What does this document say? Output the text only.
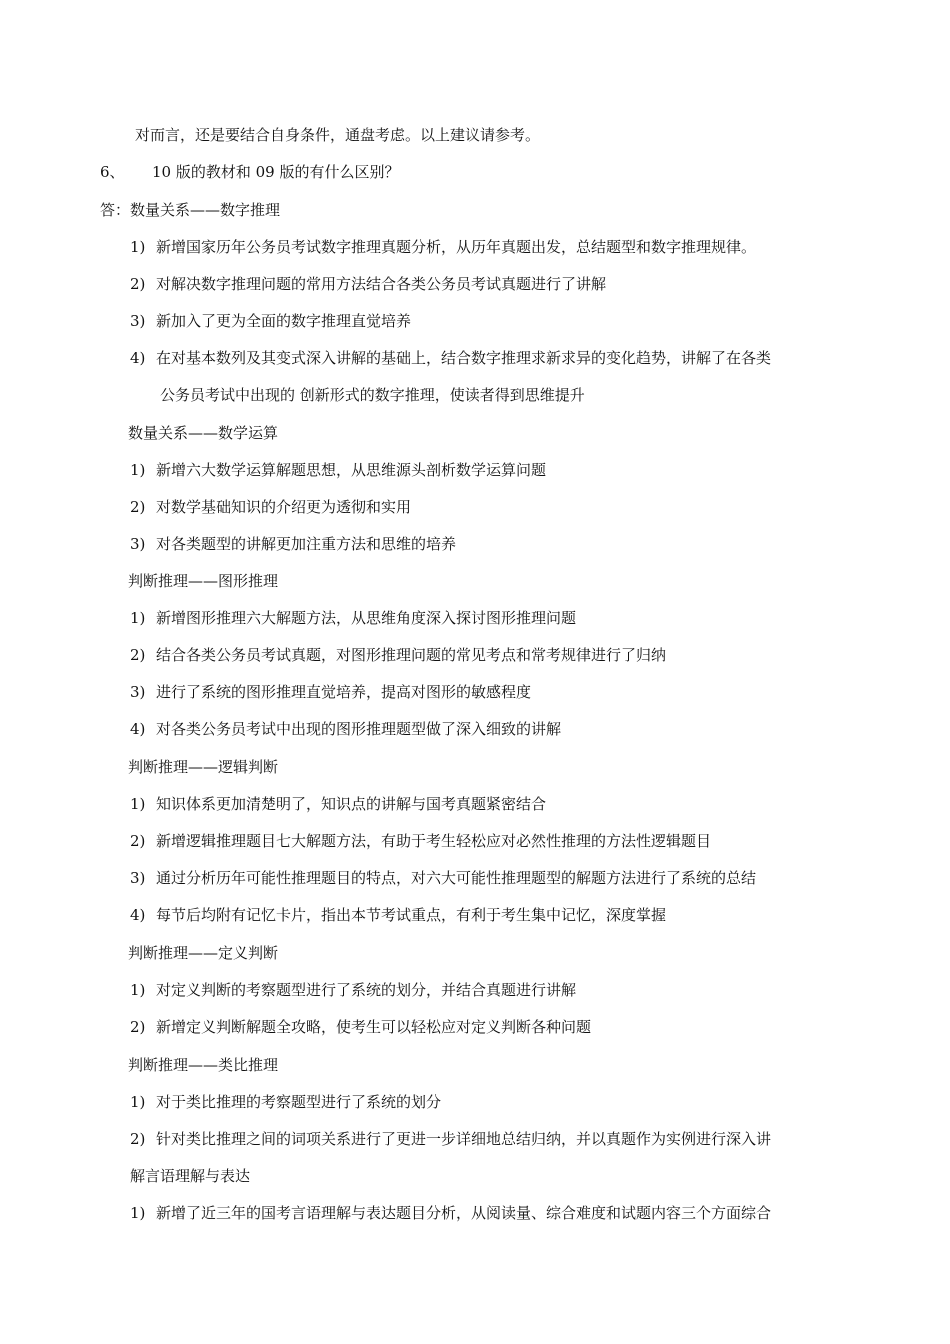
对而言，还是要结合自身条件，通盘考虑。以上建议请参考。
6、 10 版的教材和 09 版的有什么区别？
答：数量关系——数字推理
1) 新增国家历年公务员考试数字推理真题分析，从历年真题出发，总结题型和数字推理规律。
2) 对解决数字推理问题的常用方法结合各类公务员考试真题进行了讲解
3) 新加入了更为全面的数字推理直觉培养
4) 在对基本数列及其变式深入讲解的基础上，结合数字推理求新求异的变化趋势，讲解了在各类
公务员考试中出现的 创新形式的数字推理，使读者得到思维提升
数量关系——数学运算
1) 新增六大数学运算解题思想，从思维源头剖析数学运算问题
2) 对数学基础知识的介绍更为透彻和实用
3) 对各类题型的讲解更加注重方法和思维的培养
判断推理——图形推理
1) 新增图形推理六大解题方法，从思维角度深入探讨图形推理问题
2) 结合各类公务员考试真题，对图形推理问题的常见考点和常考规律进行了归纳
3) 进行了系统的图形推理直觉培养，提高对图形的敏感程度
4) 对各类公务员考试中出现的图形推理题型做了深入细致的讲解
判断推理——逻辑判断
1) 知识体系更加清楚明了，知识点的讲解与国考真题紧密结合
2) 新增逻辑推理题目七大解题方法，有助于考生轻松应对必然性推理的方法性逻辑题目
3) 通过分析历年可能性推理题目的特点，对六大可能性推理题型的解题方法进行了系统的总结
4) 每节后均附有记忆卡片，指出本节考试重点，有利于考生集中记忆，深度掌握
判断推理——定义判断
1) 对定义判断的考察题型进行了系统的划分，并结合真题进行讲解
2) 新增定义判断解题全攻略，使考生可以轻松应对定义判断各种问题
判断推理——类比推理
1) 对于类比推理的考察题型进行了系统的划分
2) 针对类比推理之间的词项关系进行了更进一步详细地总结归纳，并以真题作为实例进行深入讲
解言语理解与表达
1) 新增了近三年的国考言语理解与表达题目分析，从阅读量、综合难度和试题内容三个方面综合
